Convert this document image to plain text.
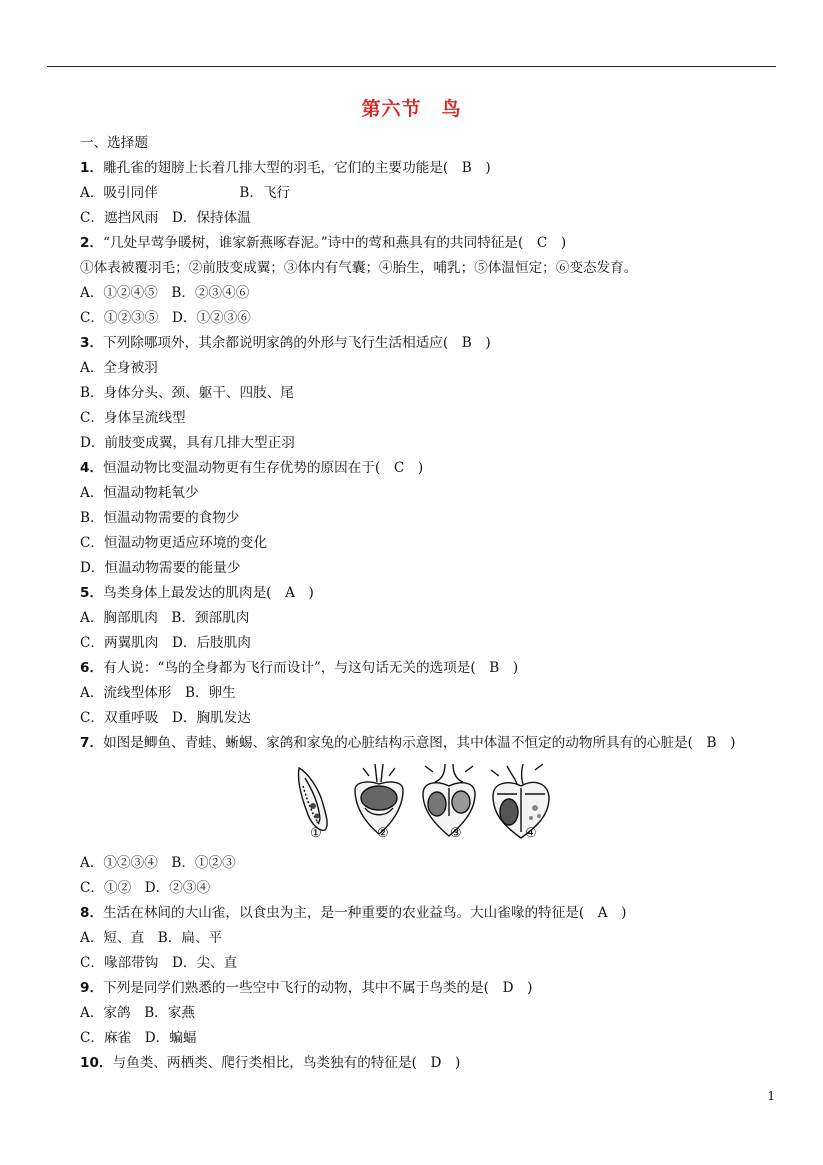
第六节　鸟
一、选择题
1．雕孔雀的翅膀上长着几排大型的羽毛，它们的主要功能是(　B　)
A．吸引同伴　　　　　　B．飞行
C．遮挡风雨　D．保持体温
2．“几处早莺争暖树，谁家新燕啄春泥。”诗中的莺和燕具有的共同特征是(　C　)
①体表被覆羽毛；②前肢变成翼；③体内有气囊；④胎生，哺乳；⑤体温恒定；⑥变态发育。
A．①②④⑤　B．②③④⑥
C．①②③⑤　D．①②③⑥
3．下列除哪项外，其余都说明家鸽的外形与飞行生活相适应(　B　)
A．全身被羽
B．身体分头、颈、躯干、四肢、尾
C．身体呈流线型
D．前肢变成翼，具有几排大型正羽
4．恒温动物比变温动物更有生存优势的原因在于(　C　)
A．恒温动物耗氧少
B．恒温动物需要的食物少
C．恒温动物更适应环境的变化
D．恒温动物需要的能量少
5．鸟类身体上最发达的肌肉是(　A　)
A．胸部肌肉　B．颈部肌肉
C．两翼肌肉　D．后肢肌肉
6．有人说：“鸟的全身都为飞行而设计”，与这句话无关的选项是(　B　)
A．流线型体形　B．卵生
C．双重呼吸　D．胸肌发达
7．如图是鲫鱼、青蛙、蜥蜴、家鸽和家兔的心脏结构示意图，其中体温不恒定的动物所具有的心脏是(　B　)
①	②	③	④
A．①②③④　B．①②③
C．①②　D．②③④
8．生活在林间的大山雀，以食虫为主，是一种重要的农业益鸟。大山雀喙的特征是(　A　)
A．短、直　B．扁、平
C．喙部带钩　D．尖、直
9．下列是同学们熟悉的一些空中飞行的动物，其中不属于鸟类的是(　D　)
A．家鸽　B．家燕
C．麻雀　D．蝙蝠
10．与鱼类、两栖类、爬行类相比，鸟类独有的特征是(　D　)
1
